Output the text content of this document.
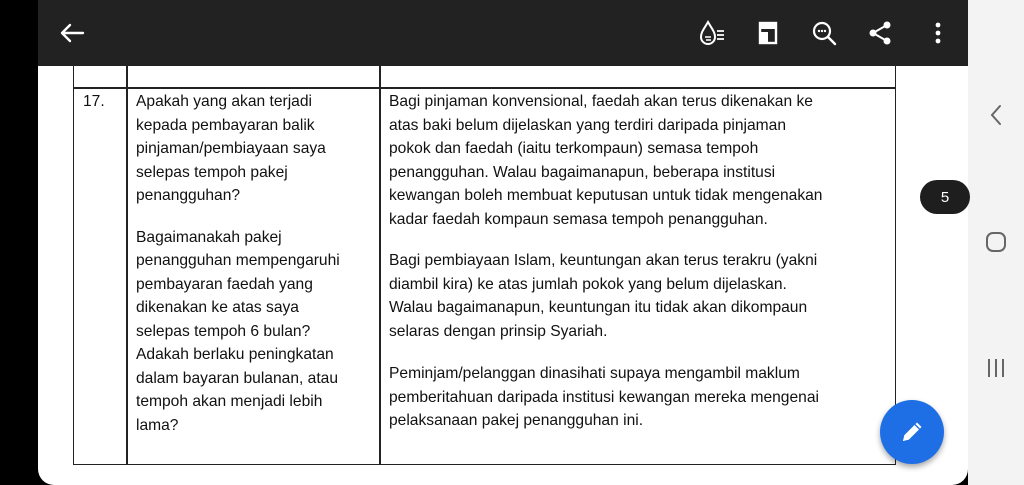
17. Apakah yang akan terjadi
kepada pembayaran balik
pinjaman/pembiayaan saya
selepas tempoh pakej
penangguhan?

Bagaimanakah pakej
penangguhan mempengaruhi
pembayaran faedah yang
dikenakan ke atas saya
selepas tempoh 6 bulan?
Adakah berlaku peningkatan
dalam bayaran bulanan, atau
tempoh akan menjadi lebih
lama?

Bagi pinjaman konvensional, faedah akan terus dikenakan ke
atas baki belum dijelaskan yang terdiri daripada pinjaman
pokok dan faedah (iaitu terkompaun) semasa tempoh
penangguhan. Walau bagaimanapun, beberapa institusi
kewangan boleh membuat keputusan untuk tidak mengenakan
kadar faedah kompaun semasa tempoh penangguhan.

Bagi pembiayaan Islam, keuntungan akan terus terakru (yakni
diambil kira) ke atas jumlah pokok yang belum dijelaskan.
Walau bagaimanapun, keuntungan itu tidak akan dikompaun
selaras dengan prinsip Syariah.

Peminjam/pelanggan dinasihati supaya mengambil maklum
pemberitahuan daripada institusi kewangan mereka mengenai
pelaksanaan pakej penangguhan ini.

5
